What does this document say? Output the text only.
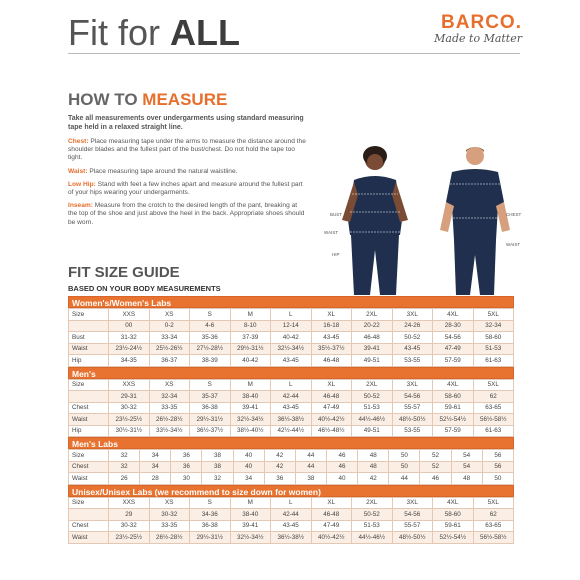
Fit for ALL	BARCO.
Made to Matter
HOW TO MEASURE
Take all measurements over undergarments using standard measuring tape held in a relaxed straight line.
Chest: Place measuring tape under the arms to measure the distance around the shoulder blades and the fullest part of the bust/chest. Do not hold the tape too tight.
Waist: Place measuring tape around the natural waistline.
Low Hip: Stand with feet a few inches apart and measure around the fullest part of your hips wearing your undergarments.
Inseam: Measure from the crotch to the desired length of the pant, breaking at the top of the shoe and just above the heel in the back. Appropriate shoes should be worn.
BUST
WAIST
HIP
CHEST
WAIST
FIT SIZE GUIDE
BASED ON YOUR BODY MEASUREMENTS
Women's/Women's Labs
Size	XXS	XS	S	M	L	XL	2XL	3XL	4XL	5XL
	00	0-2	4-6	8-10	12-14	16-18	20-22	24-26	28-30	32-34
Bust	31-32	33-34	35-36	37-39	40-42	43-45	46-48	50-52	54-56	58-60
Waist	23½-24½	25½-26½	27½-28½	29½-31½	32½-34½	35½-37½	39-41	43-45	47-49	51-53
Hip	34-35	36-37	38-39	40-42	43-45	46-48	49-51	53-55	57-59	61-63
Men's
Size	XXS	XS	S	M	L	XL	2XL	3XL	4XL	5XL
	29-31	32-34	35-37	38-40	42-44	46-48	50-52	54-56	58-60	62
Chest	30-32	33-35	36-38	39-41	43-45	47-49	51-53	55-57	59-61	63-65
Waist	23½-25½	26½-28½	29½-31½	32½-34½	36½-38½	40½-42½	44½-46½	48½-50½	52½-54½	56½-58½
Hip	30½-31½	33½-34½	36½-37½	38½-40½	42½-44½	46½-48½	49-51	53-55	57-59	61-63
Men's Labs
Size	32	34	36	38	40	42	44	46	48	50	52	54	56
Chest	32	34	36	38	40	42	44	46	48	50	52	54	56
Waist	26	28	30	32	34	36	38	40	42	44	46	48	50
Unisex/Unisex Labs (we recommend to size down for women)
Size	XXS	XS	S	M	L	XL	2XL	3XL	4XL	5XL
	29	30-32	34-36	38-40	42-44	46-48	50-52	54-56	58-60	62
Chest	30-32	33-35	36-38	39-41	43-45	47-49	51-53	55-57	59-61	63-65
Waist	23½-25½	26½-28½	29½-31½	32½-34½	36½-38½	40½-42½	44½-46½	48½-50½	52½-54½	56½-58½
